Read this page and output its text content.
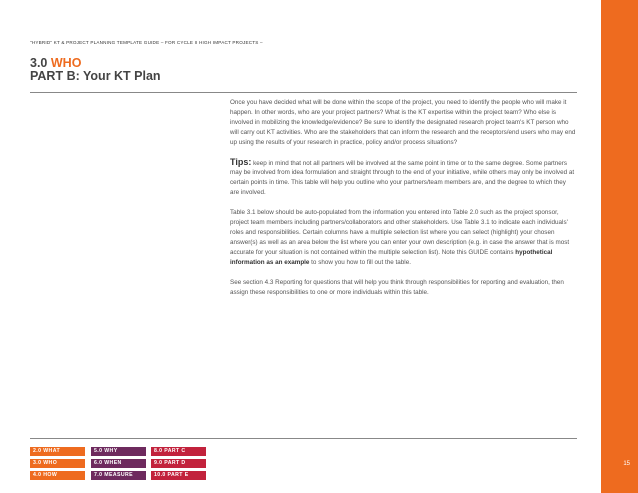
"HYBRID" KT & PROJECT PLANNING TEMPLATE GUIDE – FOR CYCLE II HIGH IMPACT PROJECTS –
3.0 WHO
PART B: Your KT Plan

Once you have decided what will be done within the scope of the project, you need to identify the people who will make it happen. In other words, who are your project partners? What is the KT expertise within the project team? Who else is involved in mobilizing the knowledge/evidence? Be sure to identify the designated research project team's KT person who will carry out KT activities. Who are the stakeholders that can inform the research and the receptors/end users who may end up using the results of your research in practice, policy and/or process situations?

Tips: keep in mind that not all partners will be involved at the same point in time or to the same degree. Some partners may be involved from idea formulation and straight through to the end of your initiative, while others may only be involved at certain points in time. This table will help you outline who your partners/team members are, and the degree to which they are involved.

Table 3.1 below should be auto-populated from the information you entered into Table 2.0 such as the project sponsor, project team members including partners/collaborators and other stakeholders. Use Table 3.1 to indicate each individuals' roles and responsibilities. Certain columns have a multiple selection list where you can select (highlight) your chosen answer(s) as well as an area below the list where you can enter your own description (e.g. in case the answer that is most accurate for your situation is not contained within the multiple selection list). Note this GUIDE contains hypothetical information as an example to show you how to fill out the table.

See section 4.3 Reporting for questions that will help you think through responsibilities for reporting and evaluation, then assign these responsibilities to one or more individuals within this table.

2.0 WHAT
3.0 WHO
4.0 HOW
5.0 WHY
6.0 WHEN
7.0 MEASURE
8.0 PART C
9.0 PART D
10.0 PART E
15
